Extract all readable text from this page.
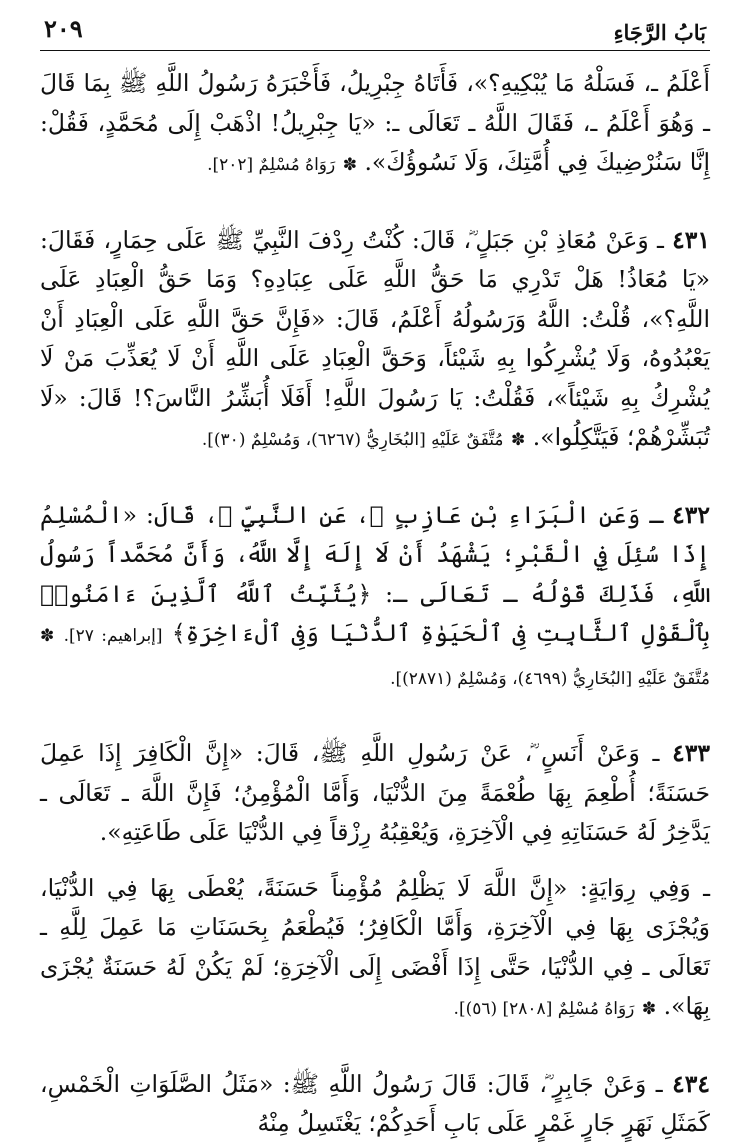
بَابُ الرَّجَاءِ
٢٠٩

أَعْلَمُ ـ، فَسَلْهُ مَا يُبْكِيهِ؟»، فَأَتَاهُ جِبْرِيلُ، فَأَخْبَرَهُ رَسُولُ اللَّهِ ﷺ بِمَا قَالَ ـ وَهُوَ أَعْلَمُ ـ، فَقَالَ اللَّهُ ـ تَعَالَى ـ: «يَا جِبْرِيلُ! اذْهَبْ إِلَى مُحَمَّدٍ، فَقُلْ: إِنَّا سَنُرْضِيكَ فِي أُمَّتِكَ، وَلَا نَسُوؤُكَ». ✽ رَوَاهُ مُسْلِمٌ [٢٠٢].

٤٣١ ـ وَعَنْ مُعَاذِ بْنِ جَبَلٍ ؓ، قَالَ: كُنْتُ رِدْفَ النَّبِيِّ ﷺ عَلَى حِمَارٍ، فَقَالَ: «يَا مُعَاذُ! هَلْ تَدْرِي مَا حَقُّ اللَّهِ عَلَى عِبَادِهِ؟ وَمَا حَقُّ الْعِبَادِ عَلَى اللَّهِ؟»، قُلْتُ: اللَّهُ وَرَسُولُهُ أَعْلَمُ، قَالَ: «فَإِنَّ حَقَّ اللَّهِ عَلَى الْعِبَادِ أَنْ يَعْبُدُوهُ، وَلَا يُشْرِكُوا بِهِ شَيْئاً، وَحَقَّ الْعِبَادِ عَلَى اللَّهِ أَنْ لَا يُعَذِّبَ مَنْ لَا يُشْرِكُ بِهِ شَيْئاً»، فَقُلْتُ: يَا رَسُولَ اللَّهِ! أَفَلَا أُبَشِّرُ النَّاسَ؟! قَالَ: «لَا تُبَشِّرْهُمْ؛ فَيَتَّكِلُوا». ✽ مُتَّفَقٌ عَلَيْهِ [البُخَارِيُّ (٦٢٦٧)، وَمُسْلِمٌ (٣٠)].

٤٣٢ ـ وَعَنِ الْبَرَاءِ بْنِ عَازِبٍ ؓ، عَنِ النَّبِيِّ ﷺ، قَالَ: «الْمُسْلِمُ إِذَا سُئِلَ فِي الْقَبْرِ؛ يَشْهَدُ أَنْ لَا إِلَهَ إِلَّا اللَّهُ، وَأَنَّ مُحَمَّداً رَسُولُ اللَّهِ، فَذَلِكَ قَوْلُهُ ـ تَعَالَى ـ: ﴿يُثَبِّتُ ٱللَّهُ ٱلَّذِينَ ءَامَنُوا۟ بِٱلْقَوْلِ ٱلثَّابِتِ فِى ٱلْحَيَوٰةِ ٱلدُّنْيَا وَفِى ٱلْءَاخِرَةِ﴾ [إبراهيم: ٢٧]. ✽ مُتَّفَقٌ عَلَيْهِ [البُخَارِيُّ (٤٦٩٩)، وَمُسْلِمٌ (٢٨٧١)].

٤٣٣ ـ وَعَنْ أَنَسٍ ؓ، عَنْ رَسُولِ اللَّهِ ﷺ، قَالَ: «إِنَّ الْكَافِرَ إِذَا عَمِلَ حَسَنَةً؛ أُطْعِمَ بِهَا طُعْمَةً مِنَ الدُّنْيَا، وَأَمَّا الْمُؤْمِنُ؛ فَإِنَّ اللَّهَ ـ تَعَالَى ـ يَدَّخِرُ لَهُ حَسَنَاتِهِ فِي الْآخِرَةِ، وَيُعْقِبُهُ رِزْقاً فِي الدُّنْيَا عَلَى طَاعَتِهِ».

ـ وَفِي رِوَايَةٍ: «إِنَّ اللَّهَ لَا يَظْلِمُ مُؤْمِناً حَسَنَةً، يُعْطَى بِهَا فِي الدُّنْيَا، وَيُجْزَى بِهَا فِي الْآخِرَةِ، وَأَمَّا الْكَافِرُ؛ فَيُطْعَمُ بِحَسَنَاتِ مَا عَمِلَ لِلَّهِ ـ تَعَالَى ـ فِي الدُّنْيَا، حَتَّى إِذَا أَفْضَى إِلَى الْآخِرَةِ؛ لَمْ يَكُنْ لَهُ حَسَنَةٌ يُجْزَى بِهَا». ✽ رَوَاهُ مُسْلِمٌ [٢٨٠٨] (٥٦)].

٤٣٤ ـ وَعَنْ جَابِرٍ ؓ، قَالَ: قَالَ رَسُولُ اللَّهِ ﷺ: «مَثَلُ الصَّلَوَاتِ الْخَمْسِ، كَمَثَلِ نَهَرٍ جَارٍ غَمْرٍ عَلَى بَابِ أَحَدِكُمْ؛ يَغْتَسِلُ مِنْهُ
